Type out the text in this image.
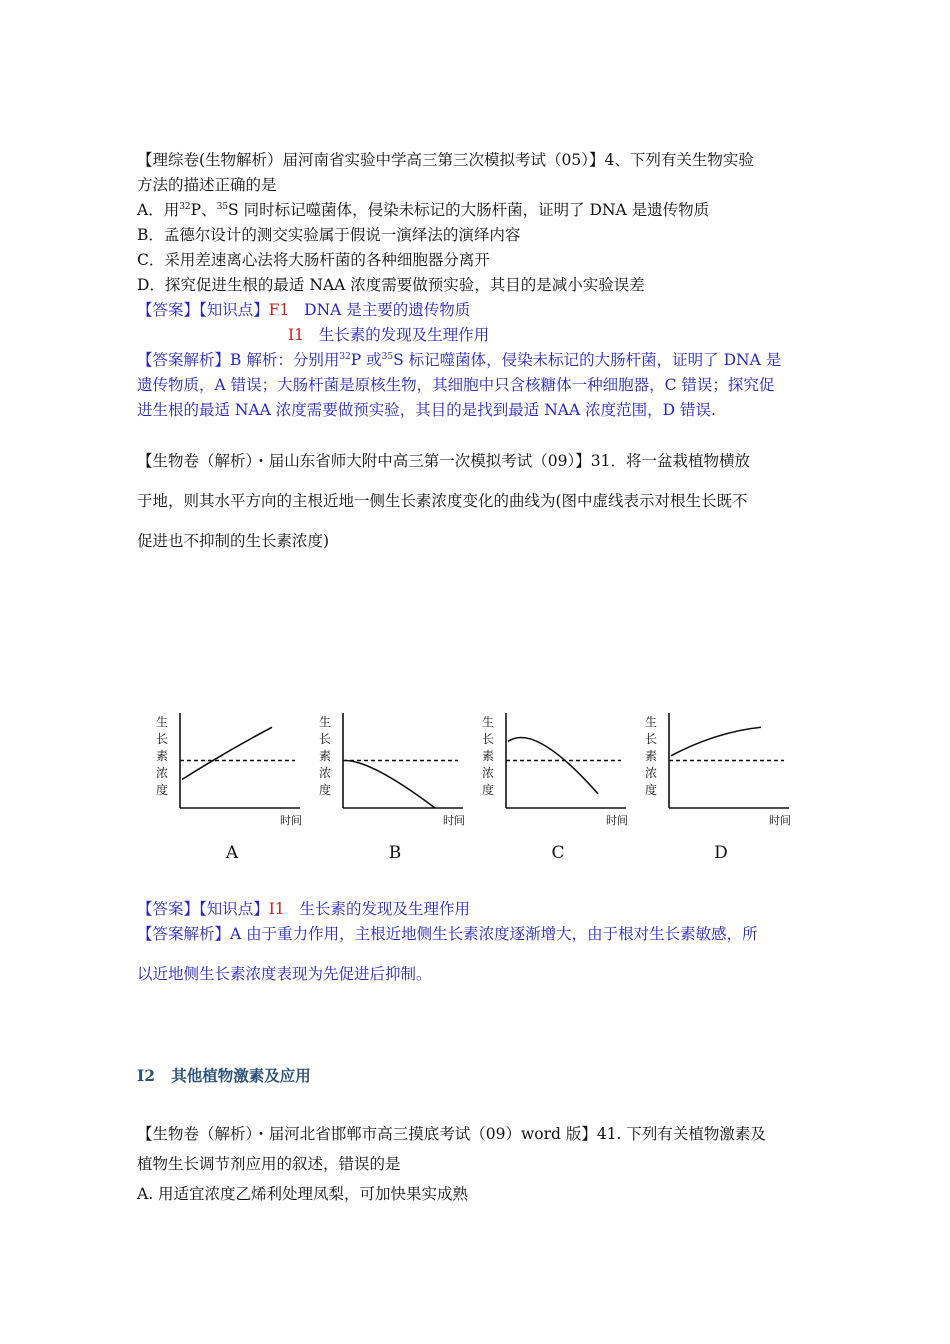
【理综卷(生物解析）届河南省实验中学高三第三次模拟考试（05）】4、下列有关生物实验
方法的描述正确的是
A．用$^{32}$P、$^{35}$S 同时标记噬菌体，侵染未标记的大肠杆菌，证明了 DNA 是遗传物质
B．孟德尔设计的测交实验属于假说一演绎法的演绎内容
C．采用差速离心法将大肠杆菌的各种细胞器分离开
D．探究促进生根的最适 NAA 浓度需要做预实验，其目的是减小实验误差
【答案】【知识点】F1 DNA 是主要的遗传物质
I1 生长素的发现及生理作用
【答案解析】B 解析：分别用$^{32}$P 或$^{35}$S 标记噬菌体，侵染未标记的大肠杆菌，证明了 DNA 是
遗传物质，A 错误；大肠杆菌是原核生物，其细胞中只含核糖体一种细胞器，C 错误；探究促
进生根的最适 NAA 浓度需要做预实验，其目的是找到最适 NAA 浓度范围，D 错误.
【生物卷（解析）・届山东省师大附中高三第一次模拟考试（09）】31．将一盆栽植物横放
于地，则其水平方向的主根近地一侧生长素浓度变化的曲线为(图中虚线表示对根生长既不
促进也不抑制的生长素浓度)
生
长
素
浓
度
时间
A
生
长
素
浓
度
时间
B
生
长
素
浓
度
时间
C
生
长
素
浓
度
时间
D
【答案】【知识点】I1 生长素的发现及生理作用
【答案解析】A 由于重力作用，主根近地侧生长素浓度逐渐增大，由于根对生长素敏感，所
以近地侧生长素浓度表现为先促进后抑制。
I2 其他植物激素及应用
【生物卷（解析）・届河北省邯郸市高三摸底考试（09）word 版】41. 下列有关植物激素及
植物生长调节剂应用的叙述，错误的是
A. 用适宜浓度乙烯利处理凤梨，可加快果实成熟
